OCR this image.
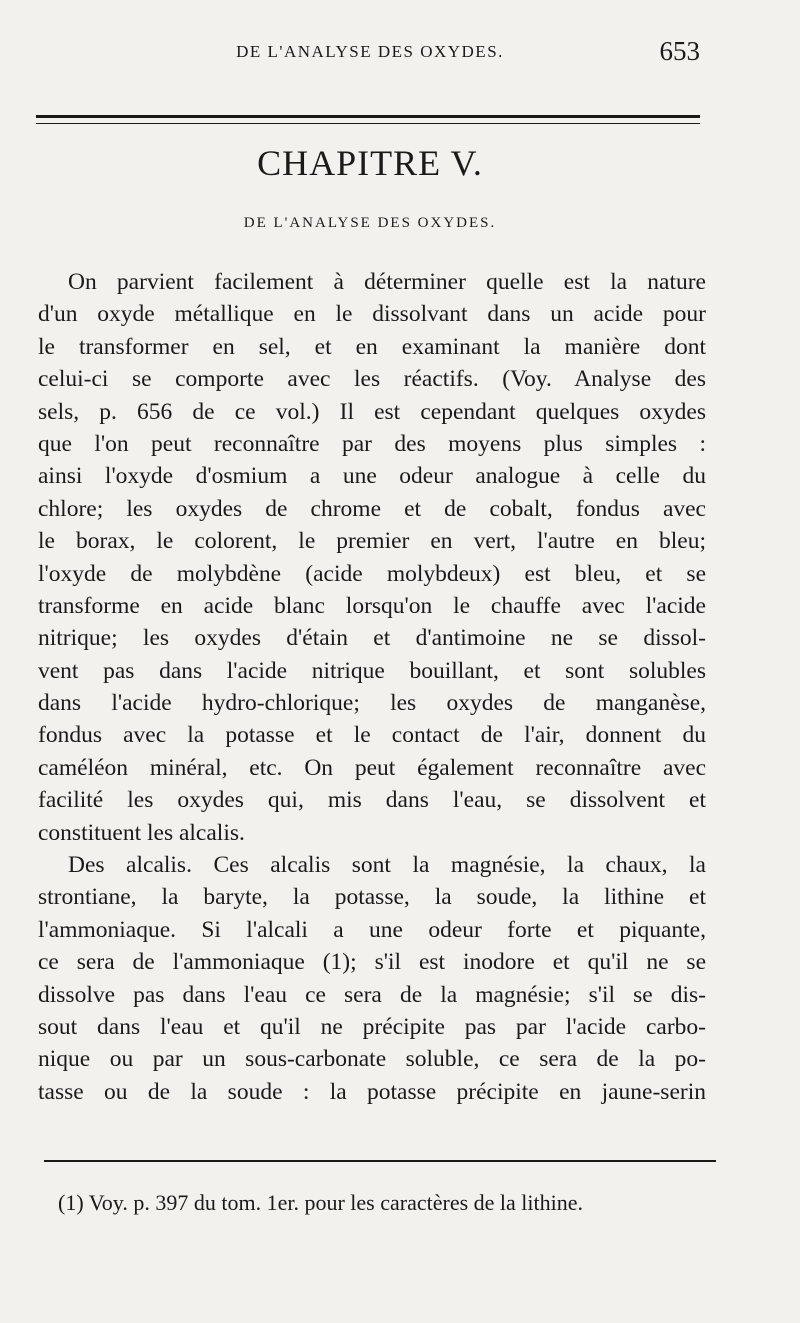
DE L'ANALYSE DES OXYDES.	653
CHAPITRE V.
DE L'ANALYSE DES OXYDES.
On parvient facilement à déterminer quelle est la nature
d'un oxyde métallique en le dissolvant dans un acide pour
le transformer en sel, et en examinant la manière dont
celui-ci se comporte avec les réactifs. (Voy. Analyse des
sels, p. 656 de ce vol.) Il est cependant quelques oxydes
que l'on peut reconnaître par des moyens plus simples :
ainsi l'oxyde d'osmium a une odeur analogue à celle du
chlore; les oxydes de chrome et de cobalt, fondus avec
le borax, le colorent, le premier en vert, l'autre en bleu;
l'oxyde de molybdène (acide molybdeux) est bleu, et se
transforme en acide blanc lorsqu'on le chauffe avec l'acide
nitrique; les oxydes d'étain et d'antimoine ne se dissol-
vent pas dans l'acide nitrique bouillant, et sont solubles
dans l'acide hydro-chlorique; les oxydes de manganèse,
fondus avec la potasse et le contact de l'air, donnent du
caméléon minéral, etc. On peut également reconnaître avec
facilité les oxydes qui, mis dans l'eau, se dissolvent et
constituent les alcalis.
Des alcalis. Ces alcalis sont la magnésie, la chaux, la
strontiane, la baryte, la potasse, la soude, la lithine et
l'ammoniaque. Si l'alcali a une odeur forte et piquante,
ce sera de l'ammoniaque (1); s'il est inodore et qu'il ne se
dissolve pas dans l'eau ce sera de la magnésie; s'il se dis-
sout dans l'eau et qu'il ne précipite pas par l'acide carbo-
nique ou par un sous-carbonate soluble, ce sera de la po-
tasse ou de la soude : la potasse précipite en jaune-serin
(1) Voy. p. 397 du tom. 1er. pour les caractères de la lithine.
